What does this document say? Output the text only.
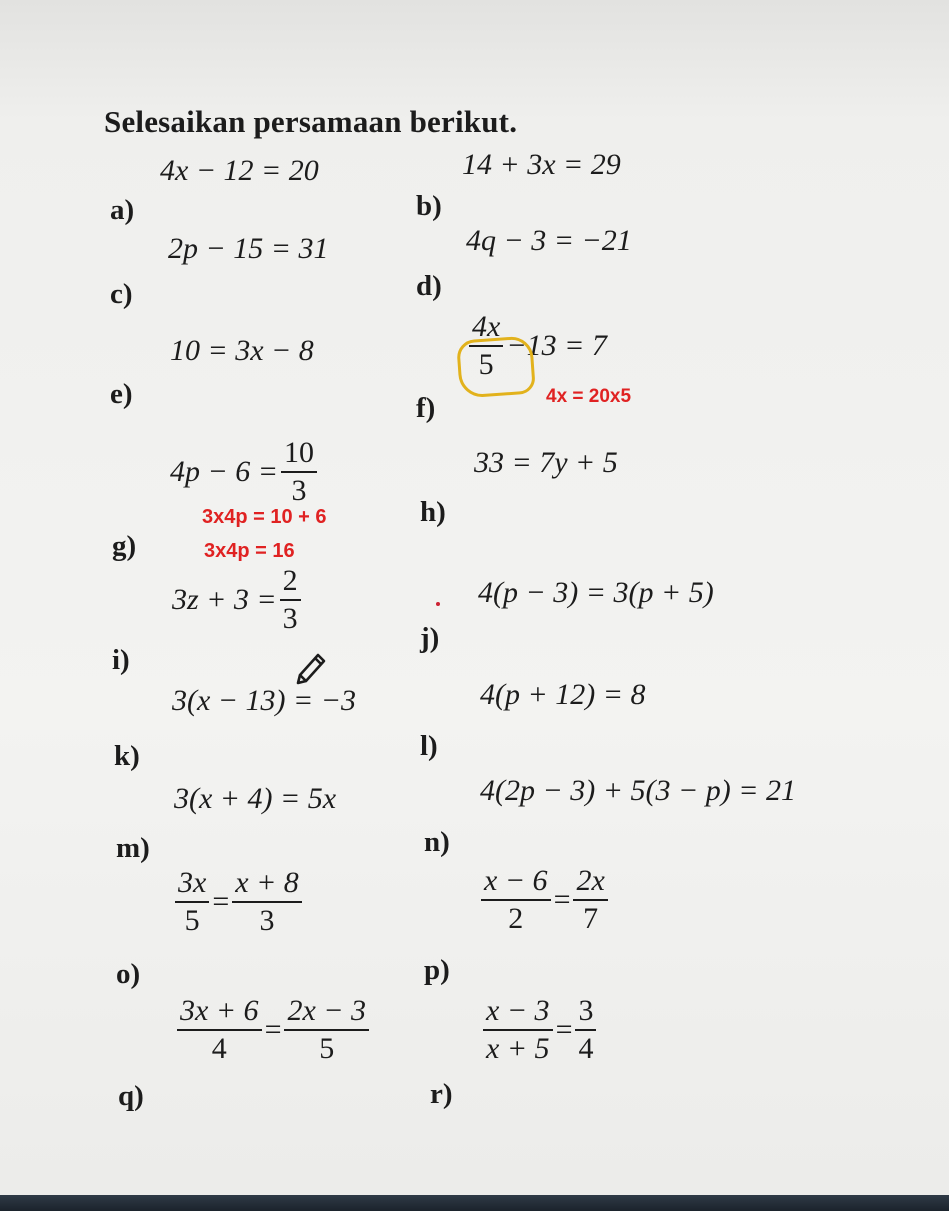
Selesaikan persamaan berikut.
a)	b)
c)	d)
e)	f)
g)
h)
i)
j)
k)	l)
m)	n)
o)	p)
q)	r)
4x − 12 = 20	14 + 3x = 29
2p − 15 = 31	4q − 3 = −21
10 = 3x − 8	$\frac{4x}{5} -13 = 7$
$4p - 6 = \frac{10}{3}$	33 = 7y + 5
$3z + 3 = \frac{2}{3}$	4(p − 3) = 3(p + 5)
3(x − 13) = −3	4(p + 12) = 8
3(x + 4) = 5x	4(2p − 3) + 5(3 − p) = 21
$\frac{3x}{5} = \frac{x + 8}{3}$	$\frac{x - 6}{2} = \frac{2x}{7}$
$\frac{3x + 6}{4} = \frac{2x - 3}{5}$	$\frac{x - 3}{x + 5} = \frac{3}{4}$
4x = 20x5
3x4p = 10 + 6
3x4p = 16
